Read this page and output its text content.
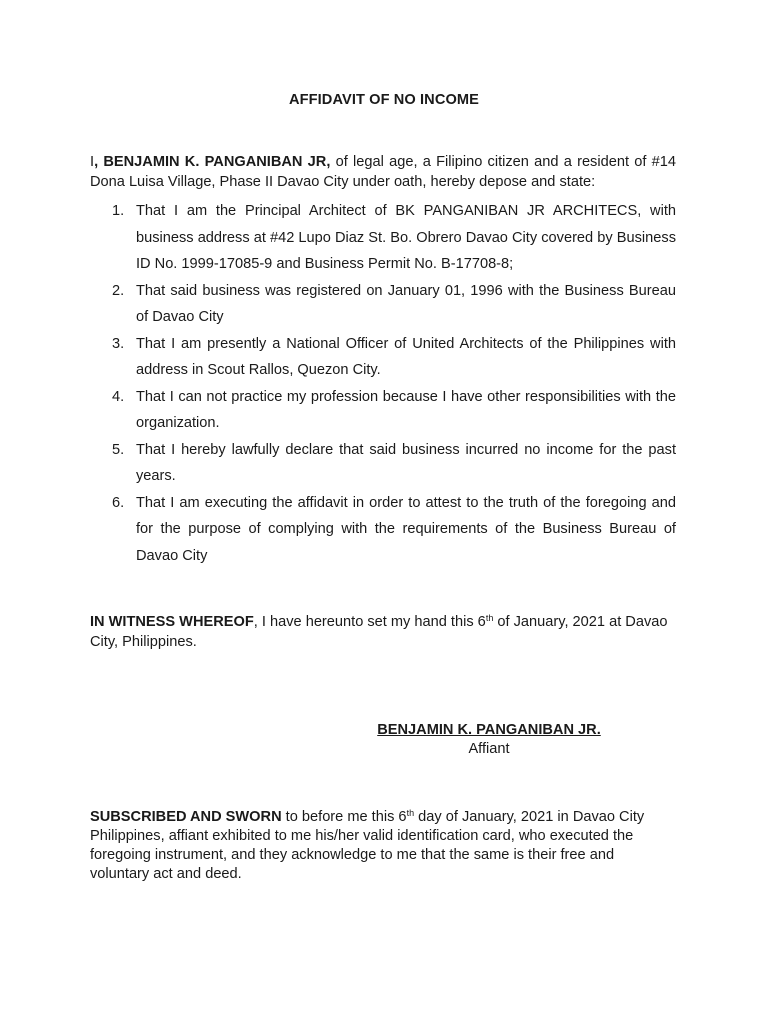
AFFIDAVIT OF NO INCOME
I, BENJAMIN K. PANGANIBAN JR, of legal age, a Filipino citizen and a resident of #14 Dona Luisa Village, Phase II Davao City under oath, hereby depose and state:
1. That I am the Principal Architect of BK PANGANIBAN JR ARCHITECS, with business address at #42 Lupo Diaz St. Bo. Obrero Davao City covered by Business ID No. 1999-17085-9 and Business Permit No. B-17708-8;
2. That said business was registered on January 01, 1996 with the Business Bureau of Davao City
3. That I am presently a National Officer of United Architects of the Philippines with address in Scout Rallos, Quezon City.
4. That I can not practice my profession because I have other responsibilities with the organization.
5. That I hereby lawfully declare that said business incurred no income for the past years.
6. That I am executing the affidavit in order to attest to the truth of the foregoing and for the purpose of complying with the requirements of the Business Bureau of Davao City
IN WITNESS WHEREOF, I have hereunto set my hand this 6th of January, 2021 at Davao City, Philippines.
BENJAMIN K. PANGANIBAN JR.
Affiant
SUBSCRIBED AND SWORN to before me this 6th day of January, 2021 in Davao City Philippines, affiant exhibited to me his/her valid identification card, who executed the foregoing instrument, and they acknowledge to me that the same is their free and voluntary act and deed.
